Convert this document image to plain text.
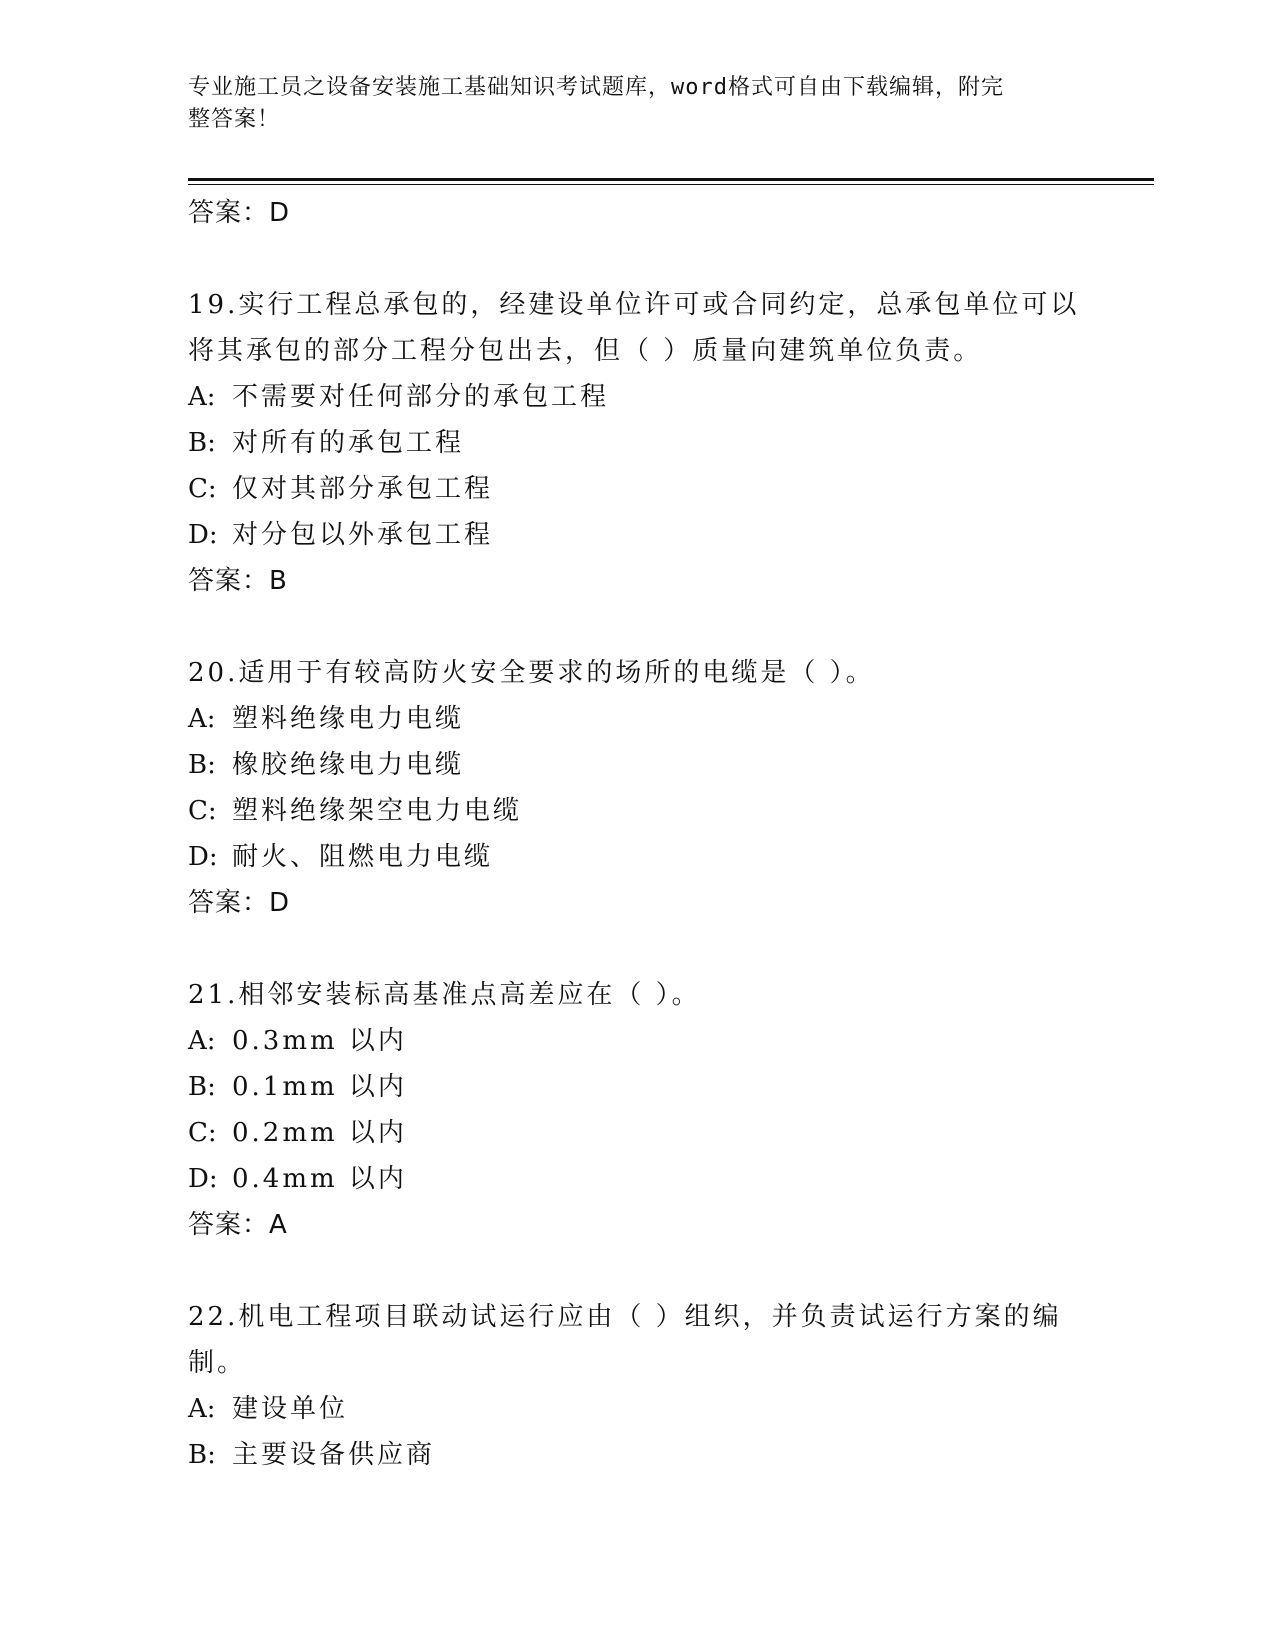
专业施工员之设备安装施工基础知识考试题库，word格式可自由下载编辑，附完
整答案！

答案：D

19.实行工程总承包的，经建设单位许可或合同约定，总承包单位可以将其承包的部分工程分包出去，但（ ）质量向建筑单位负责。

A: 不需要对任何部分的承包工程

B: 对所有的承包工程

C: 仅对其部分承包工程

D: 对分包以外承包工程

答案：B

20.适用于有较高防火安全要求的场所的电缆是（ ）。

A: 塑料绝缘电力电缆

B: 橡胶绝缘电力电缆

C: 塑料绝缘架空电力电缆

D: 耐火、阻燃电力电缆

答案：D

21.相邻安装标高基准点高差应在（ ）。

A: 0.3mm 以内

B: 0.1mm 以内

C: 0.2mm 以内

D: 0.4mm 以内

答案：A

22.机电工程项目联动试运行应由（ ）组织，并负责试运行方案的编制。

A: 建设单位

B: 主要设备供应商
